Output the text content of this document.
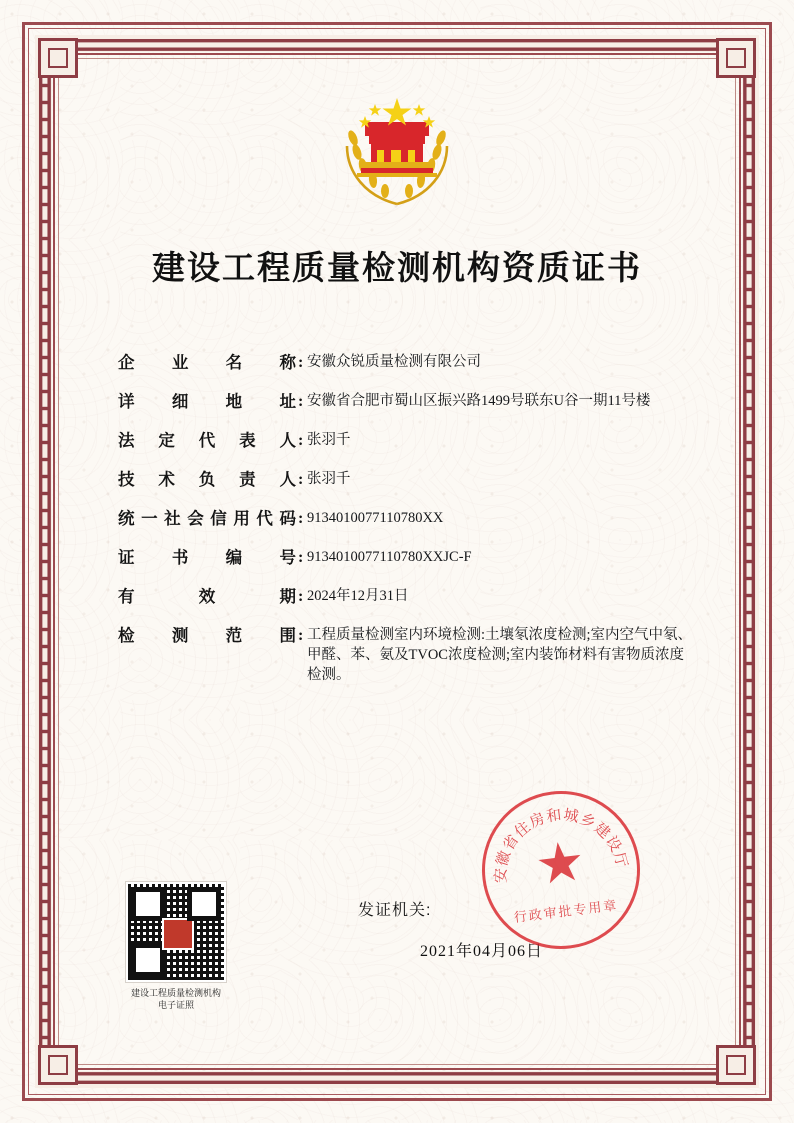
建设工程质量检测机构资质证书
企业名称 : 安徽众锐质量检测有限公司
详细地址 : 安徽省合肥市蜀山区振兴路1499号联东U谷一期11号楼
法定代表人 : 张羽千
技术负责人 : 张羽千
统一社会信用代码 : 9134010077110780XX
证书编号 : 9134010077110780XXJC-F
有效期 : 2024年12月31日
检测范围 : 工程质量检测室内环境检测:土壤氡浓度检测;室内空气中氡、甲醛、苯、氨及TVOC浓度检测;室内装饰材料有害物质浓度检测。
建设工程质量检测机构
电子证照
发证机关:
2021年04月06日
安徽省住房和城乡建设厅
行政审批专用章
